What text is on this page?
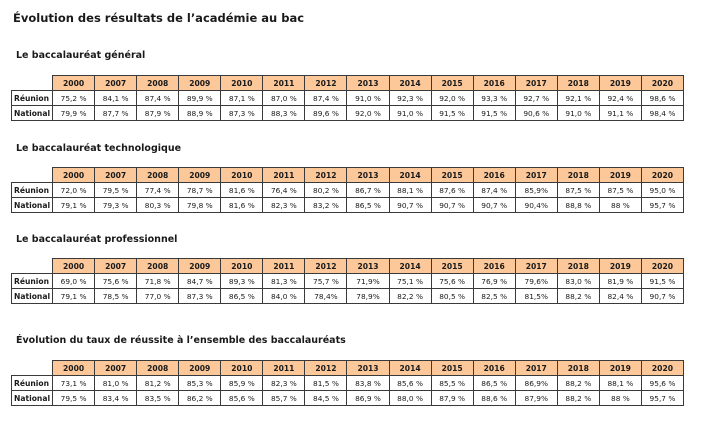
Évolution des résultats de l’académie au bac
Le baccalauréat général
	2000	2007	2008	2009	2010	2011	2012	2013	2014	2015	2016	2017	2018	2019	2020
Réunion	75,2 %	84,1 %	87,4 %	89,9 %	87,1 %	87,0 %	87,4 %	91,0 %	92,3 %	92,0 %	93,3 %	92,7 %	92,1 %	92,4 %	98,6 %
National	79,9 %	87,7 %	87,9 %	88,9 %	87,3 %	88,3 %	89,6 %	92,0 %	91,0 %	91,5 %	91,5 %	90,6 %	91,0 %	91,1 %	98,4 %
Le baccalauréat technologique
	2000	2007	2008	2009	2010	2011	2012	2013	2014	2015	2016	2017	2018	2019	2020
Réunion	72,0 %	79,5 %	77,4 %	78,7 %	81,6 %	76,4 %	80,2 %	86,7 %	88,1 %	87,6 %	87,4 %	85,9%	87,5 %	87,5 %	95,0 %
National	79,1 %	79,3 %	80,3 %	79,8 %	81,6 %	82,3 %	83,2 %	86,5 %	90,7 %	90,7 %	90,7 %	90,4%	88,8 %	88 %	95,7 %
Le baccalauréat professionnel
	2000	2007	2008	2009	2010	2011	2012	2013	2014	2015	2016	2017	2018	2019	2020
Réunion	69,0 %	75,6 %	71,8 %	84,7 %	89,3 %	81,3 %	75,7 %	71,9%	75,1 %	75,6 %	76,9 %	79,6%	83,0 %	81,9 %	91,5 %
National	79,1 %	78,5 %	77,0 %	87,3 %	86,5 %	84,0 %	78,4%	78,9%	82,2 %	80,5 %	82,5 %	81,5%	88,2 %	82,4 %	90,7 %
Évolution du taux de réussite à l’ensemble des baccalauréats
	2000	2007	2008	2009	2010	2011	2012	2013	2014	2015	2016	2017	2018	2019	2020
Réunion	73,1 %	81,0 %	81,2 %	85,3 %	85,9 %	82,3 %	81,5 %	83,8 %	85,6 %	85,5 %	86,5 %	86,9%	88,2 %	88,1 %	95,6 %
National	79,5 %	83,4 %	83,5 %	86,2 %	85,6 %	85,7 %	84,5 %	86,9 %	88,0 %	87,9 %	88,6 %	87,9%	88,2 %	88 %	95,7 %
